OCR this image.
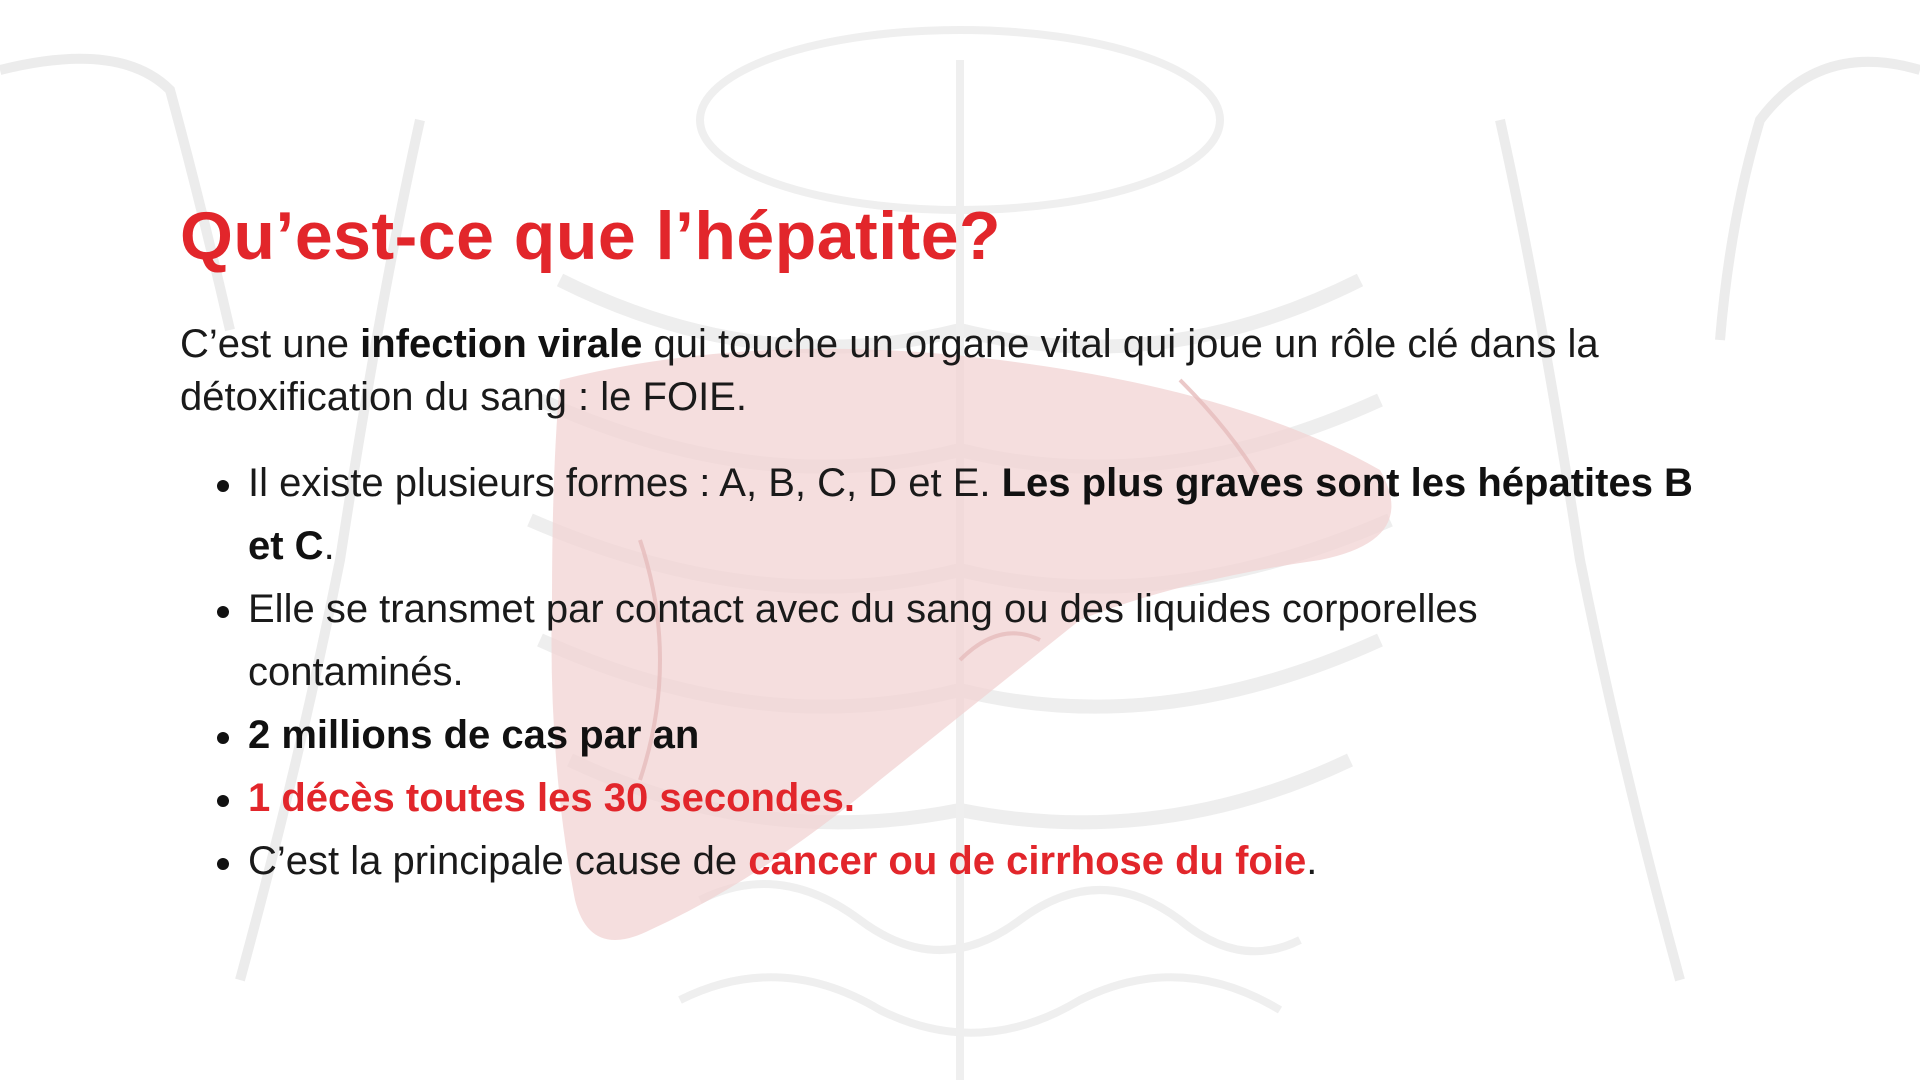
Qu’est-ce que l’hépatite?

C’est une infection virale qui touche un organe vital qui joue un rôle clé dans la détoxification du sang : le FOIE.

Il existe plusieurs formes : A, B, C, D et E. Les plus graves sont les hépatites B et C.
Elle se transmet par contact avec du sang ou des liquides corporelles contaminés.
2 millions de cas par an
1 décès toutes les 30 secondes.
C’est la principale cause de cancer ou de cirrhose du foie.
